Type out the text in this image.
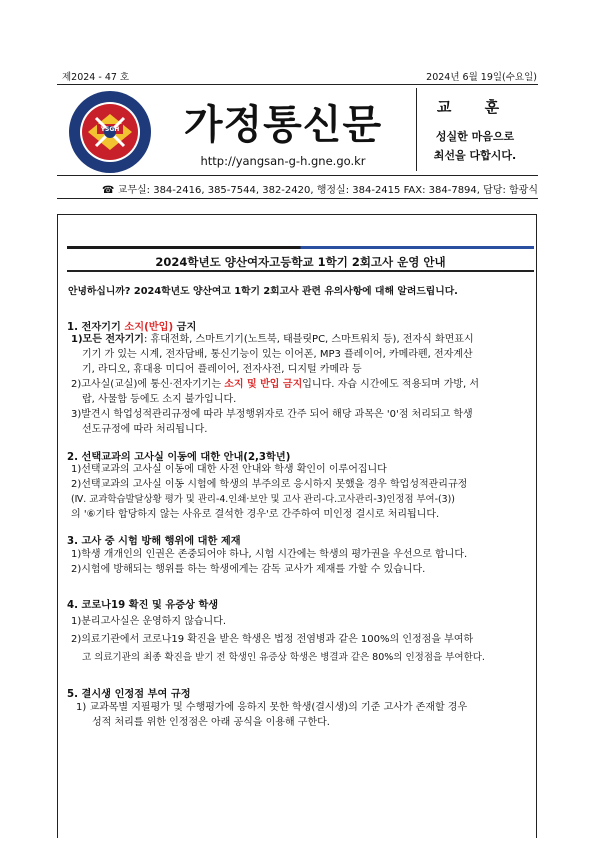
제2024 - 47 호	2024년 6월 19일(수요일)
YSGH	가정통신문
http://yangsan-g-h.gne.go.kr
교 훈
성실한 마음으로
최선을 다합시다.
☎ 교무실: 384-2416, 385-7544, 382-2420, 행정실: 384-2415 FAX: 384-7894, 담당: 함광식
2024학년도 양산여자고등학교 1학기 2회고사 운영 안내
안녕하십니까? 2024학년도 양산여고 1학기 2회고사 관련 유의사항에 대해 알려드립니다.
1. 전자기기 소지(반입) 금지
1)모든 전자기기: 휴대전화, 스마트기기(노트북, 태블릿PC, 스마트워치 등), 전자식 화면표시
기기 가 있는 시계, 전자담배, 통신기능이 있는 이어폰, MP3 플레이어, 카메라펜, 전자계산
기, 라디오, 휴대용 미디어 플레이어, 전자사전, 디지털 카메라 등
2)고사실(교실)에 통신·전자기기는 소지 및 반입 금지입니다. 자습 시간에도 적용되며 가방, 서
랍, 사물함 등에도 소지 불가입니다.
3)발견시 학업성적관리규정에 따라 부정행위자로 간주 되어 해당 과목은 '0'점 처리되고 학생
선도규정에 따라 처리됩니다.
2. 선택교과의 고사실 이동에 대한 안내(2,3학년)
1)선택교과의 고사실 이동에 대한 사전 안내와 학생 확인이 이루어집니다
2)선택교과의 고사실 이동 시험에 학생의 부주의로 응시하지 못했을 경우 학업성적관리규정
(Ⅳ. 교과학습발달상황 평가 및 관리-4.인쇄·보안 및 고사 관리-다.고사관리-3)인정점 부여-(3))
의 '⑥기타 합당하지 않는 사유로 결석한 경우'로 간주하여 미인정 결시로 처리됩니다.
3. 고사 중 시험 방해 행위에 대한 제재
1)학생 개개인의 인권은 존중되어야 하나, 시험 시간에는 학생의 평가권을 우선으로 합니다.
2)시험에 방해되는 행위를 하는 학생에게는 감독 교사가 제재를 가할 수 있습니다.
4. 코로나19 확진 및 유증상 학생
1)분리고사실은 운영하지 않습니다.
2)의료기관에서 코로나19 확진을 받은 학생은 법정 전염병과 같은 100%의 인정점을 부여하
고 의료기관의 최종 확진을 받기 전 학생인 유증상 학생은 병결과 같은 80%의 인정점을 부여한다.
5. 결시생 인정점 부여 규정
1) 교과목별 지필평가 및 수행평가에 응하지 못한 학생(결시생)의 기준 고사가 존재할 경우
성적 처리를 위한 인정점은 아래 공식을 이용해 구한다.
